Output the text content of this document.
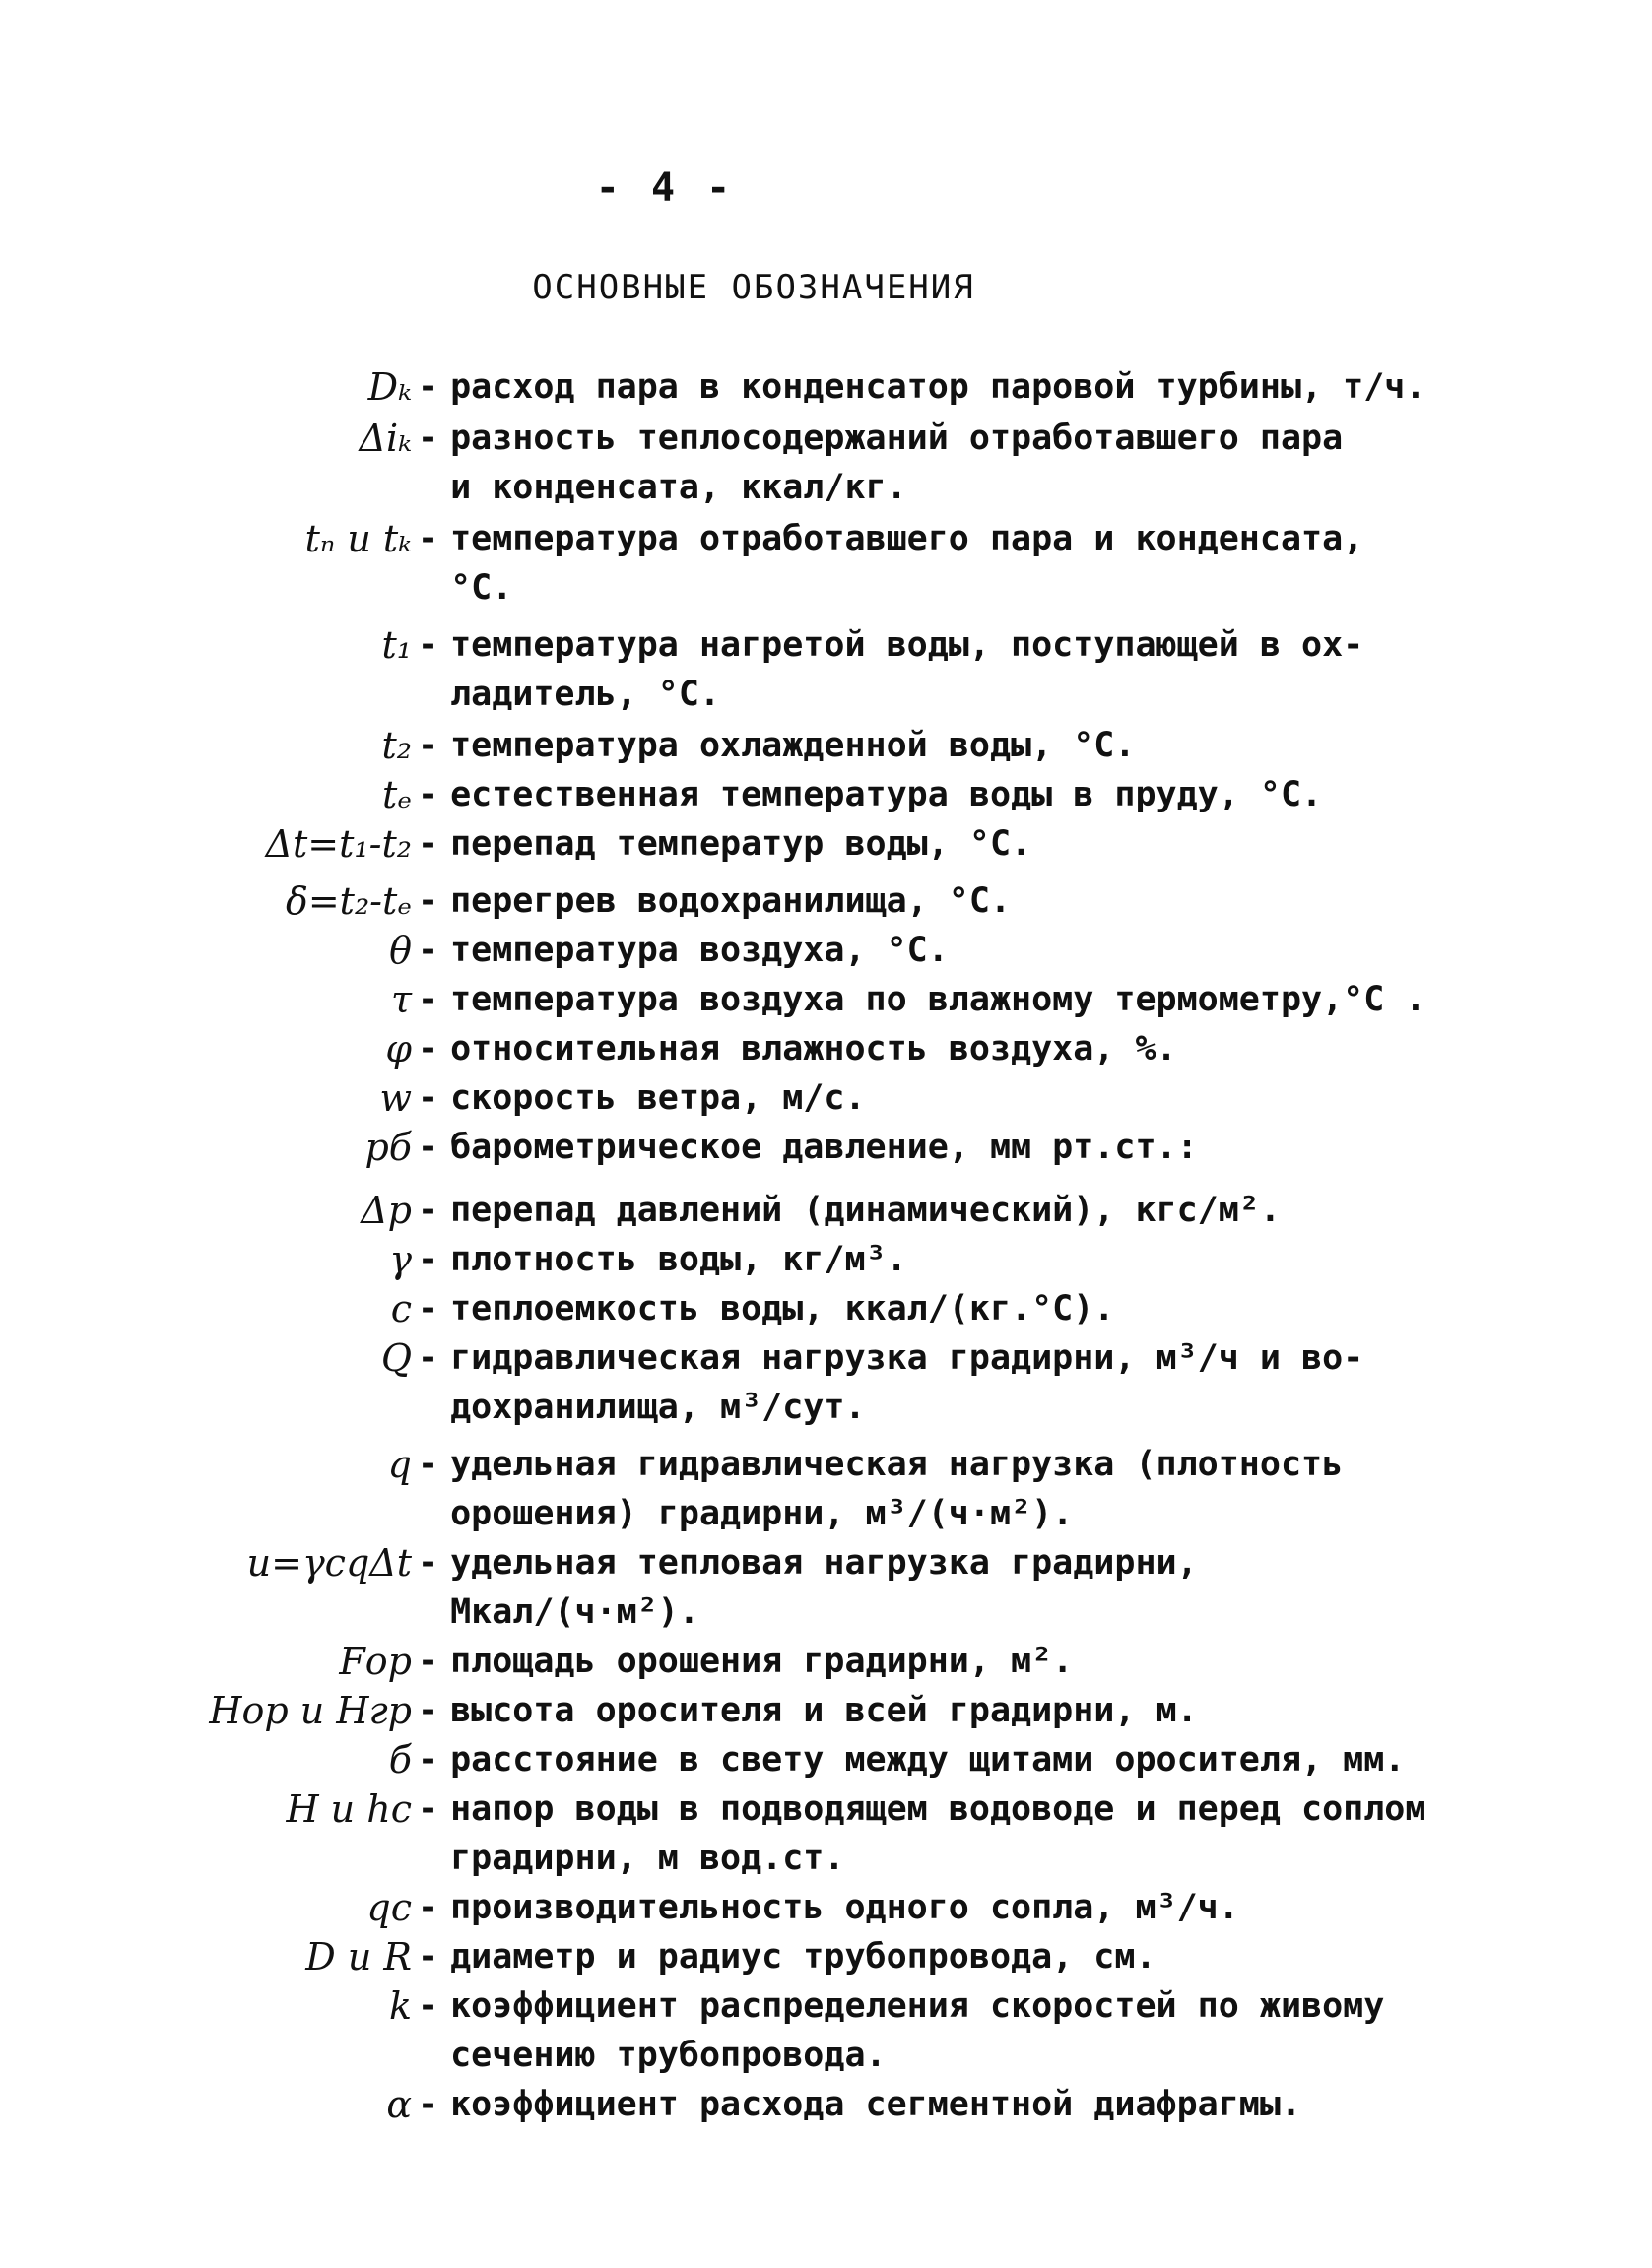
- 4 -
ОСНОВНЫЕ ОБОЗНАЧЕНИЯ
Dₖ - расход пара в конденсатор паровой турбины, т/ч.
Δiₖ - разность теплосодержаний отработавшего пара
и конденсата, ккал/кг.
tₙ и tₖ - температура отработавшего пара и конденсата,
°С.
t₁ - температура нагретой воды, поступающей в ох-
ладитель, °С.
t₂ - температура охлажденной воды, °С.
tₑ - естественная температура воды в пруду, °С.
Δt=t₁-t₂ - перепад температур воды, °С.
δ=t₂-tₑ - перегрев водохранилища, °С.
θ - температура воздуха, °С.
τ - температура воздуха по влажному термометру,°С .
φ - относительная влажность воздуха, %.
w - скорость ветра, м/с.
pб - барометрическое давление, мм рт.ст.:
Δp - перепад давлений (динамический), кгс/м².
γ - плотность воды, кг/м³.
c - теплоемкость воды, ккал/(кг.°С).
Q - гидравлическая нагрузка градирни, м³/ч и во-
дохранилища, м³/сут.
q - удельная гидравлическая нагрузка (плотность
орошения) градирни, м³/(ч·м²).
u=γcqΔt - удельная тепловая нагрузка градирни, Мкал/(ч·м²).
Fор - площадь орошения градирни, м².
Hор и Hгр - высота оросителя и всей градирни, м.
б - расстояние в свету между щитами оросителя, мм.
H и hс - напор воды в подводящем водоводе и перед соплом
градирни, м вод.ст.
qс - производительность одного сопла, м³/ч.
D и R - диаметр и радиус трубопровода, см.
k - коэффициент распределения скоростей по живому
сечению трубопровода.
α - коэффициент расхода сегментной диафрагмы.
